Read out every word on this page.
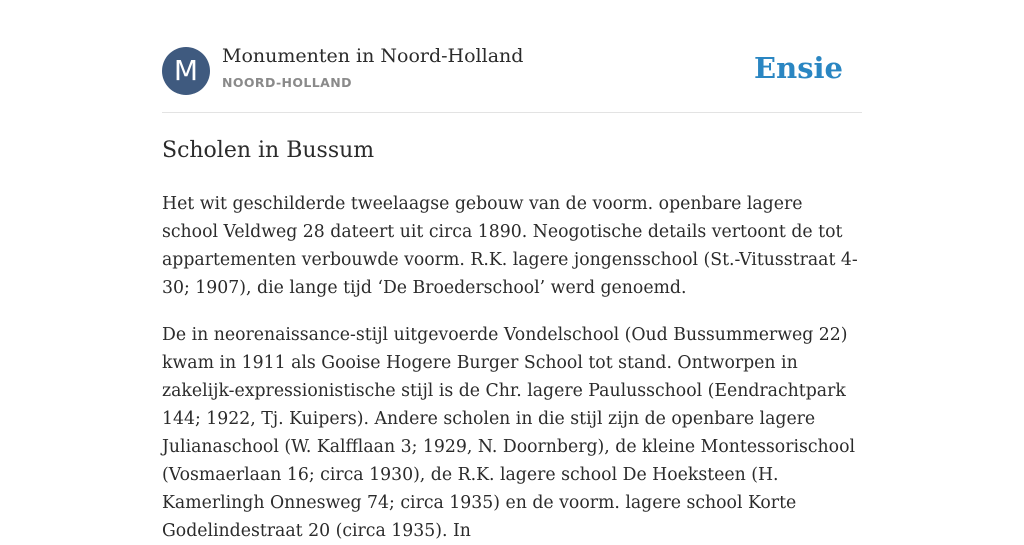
M	Monumenten in Noord-Holland
NOORD-HOLLAND	Ensie
Scholen in Bussum

Het wit geschilderde tweelaagse gebouw van de voorm. openbare lagere school Veldweg 28 dateert uit circa 1890. Neogotische details vertoont de tot appartementen verbouwde voorm. R.K. lagere jongensschool (St.-Vitusstraat 4-30; 1907), die lange tijd ‘De Broederschool’ werd genoemd.

De in neorenaissance-stijl uitgevoerde Vondelschool (Oud Bussummerweg 22) kwam in 1911 als Gooise Hogere Burger School tot stand. Ontworpen in zakelijk-expressionistische stijl is de Chr. lagere Paulusschool (Eendrachtpark 144; 1922, Tj. Kuipers). Andere scholen in die stijl zijn de openbare lagere Julianaschool (W. Kalfflaan 3; 1929, N. Doornberg), de kleine Montessorischool (Vosmaerlaan 16; circa 1930), de R.K. lagere school De Hoeksteen (H. Kamerlingh Onnesweg 74; circa 1935) en de voorm. lagere school Korte Godelindestraat 20 (circa 1935). In
